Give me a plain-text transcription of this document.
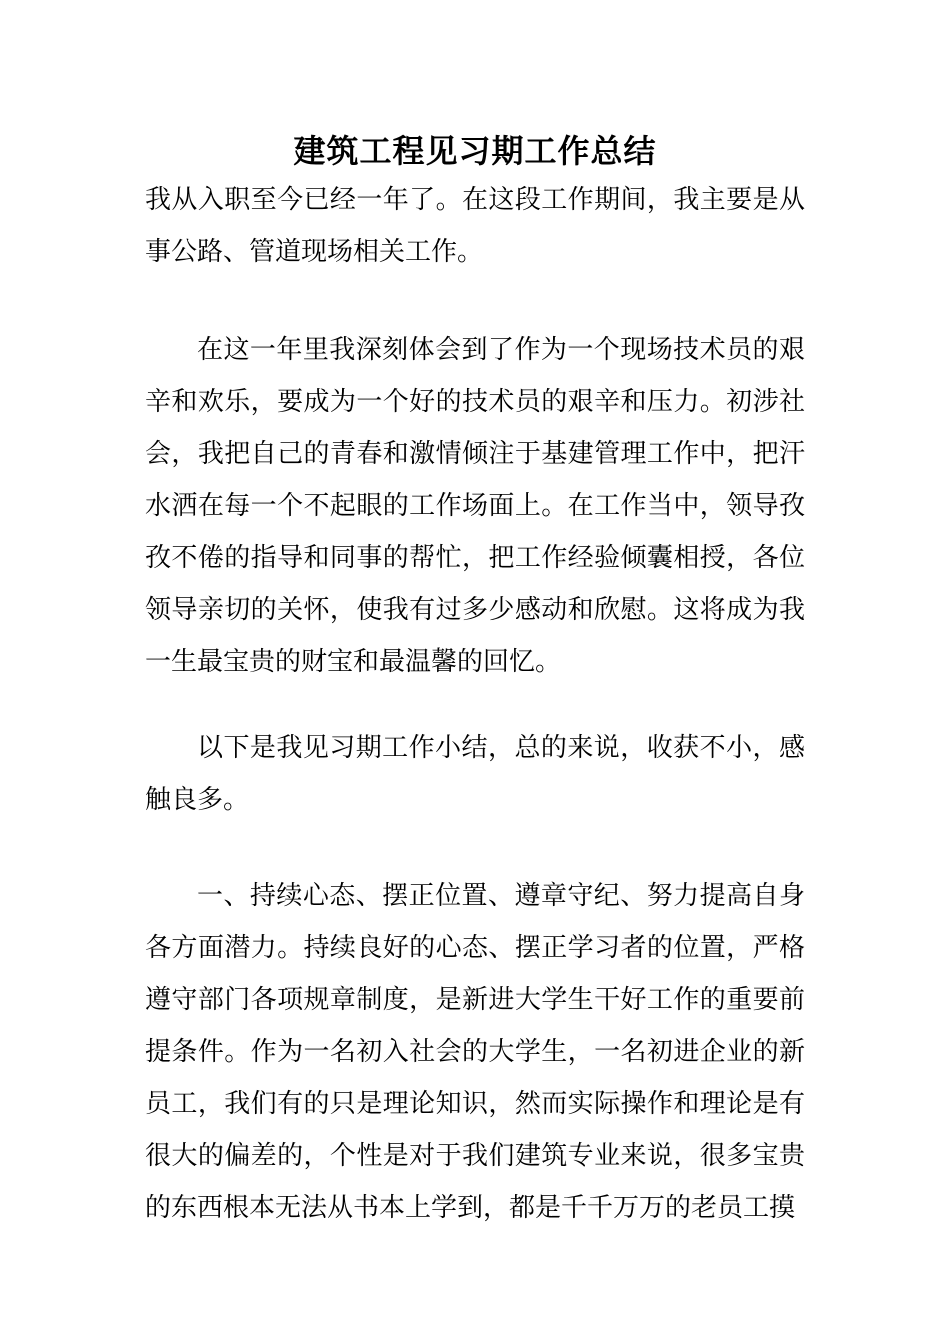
建筑工程见习期工作总结

我从入职至今已经一年了。在这段工作期间，我主要是从事公路、管道现场相关工作。

在这一年里我深刻体会到了作为一个现场技术员的艰辛和欢乐，要成为一个好的技术员的艰辛和压力。初涉社会，我把自己的青春和激情倾注于基建管理工作中，把汗水洒在每一个不起眼的工作场面上。在工作当中，领导孜孜不倦的指导和同事的帮忙，把工作经验倾囊相授，各位领导亲切的关怀，使我有过多少感动和欣慰。这将成为我一生最宝贵的财宝和最温馨的回忆。

以下是我见习期工作小结，总的来说，收获不小，感触良多。

一、持续心态、摆正位置、遵章守纪、努力提高自身各方面潜力。持续良好的心态、摆正学习者的位置，严格遵守部门各项规章制度，是新进大学生干好工作的重要前提条件。作为一名初入社会的大学生，一名初进企业的新员工，我们有的只是理论知识，然而实际操作和理论是有很大的偏差的，个性是对于我们建筑专业来说，很多宝贵的东西根本无法从书本上学到，都是千千万万的老员工摸
